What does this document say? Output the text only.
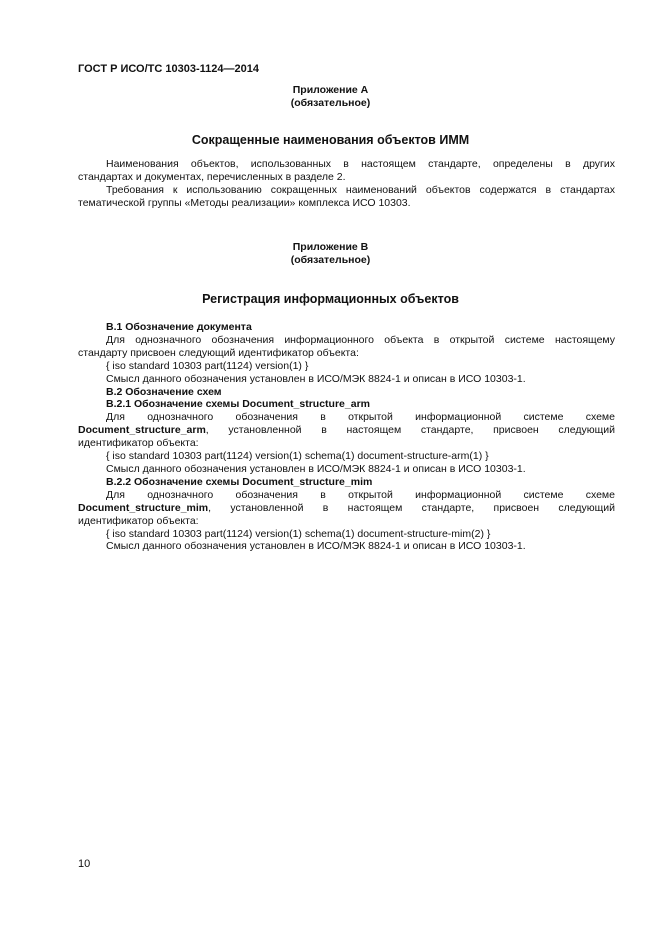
ГОСТ Р ИСО/ТС 10303-1124—2014
Приложение А
(обязательное)
Сокращенные наименования объектов ИММ

Наименования объектов, использованных в настоящем стандарте, определены в других

стандартах и документах, перечисленных в разделе 2.

Требования к использованию сокращенных наименований объектов содержатся в стандартах

тематической группы «Методы реализации» комплекса ИСО 10303.

Приложение В
(обязательное)
Регистрация информационных объектов
В.1 Обозначение документа

Для однозначного обозначения информационного объекта в открытой системе настоящему

стандарту присвоен следующий идентификатор объекта:

{ iso standard 10303 part(1124) version(1) }
Смысл данного обозначения установлен в ИСО/МЭК 8824-1 и описан в ИСО 10303-1.
В.2 Обозначение схем
В.2.1 Обозначение схемы Document_structure_arm

Для однозначного обозначения в открытой информационной системе схеме

Document_structure_arm, установленной в настоящем стандарте, присвоен следующий

идентификатор объекта:

{ iso standard 10303 part(1124) version(1) schema(1) document-structure-arm(1) }
Смысл данного обозначения установлен в ИСО/МЭК 8824-1 и описан в ИСО 10303-1.
В.2.2 Обозначение схемы Document_structure_mim

Для однозначного обозначения в открытой информационной системе схеме

Document_structure_mim, установленной в настоящем стандарте, присвоен следующий

идентификатор объекта:

{ iso standard 10303 part(1124) version(1) schema(1) document-structure-mim(2) }
Смысл данного обозначения установлен в ИСО/МЭК 8824-1 и описан в ИСО 10303-1.
10
